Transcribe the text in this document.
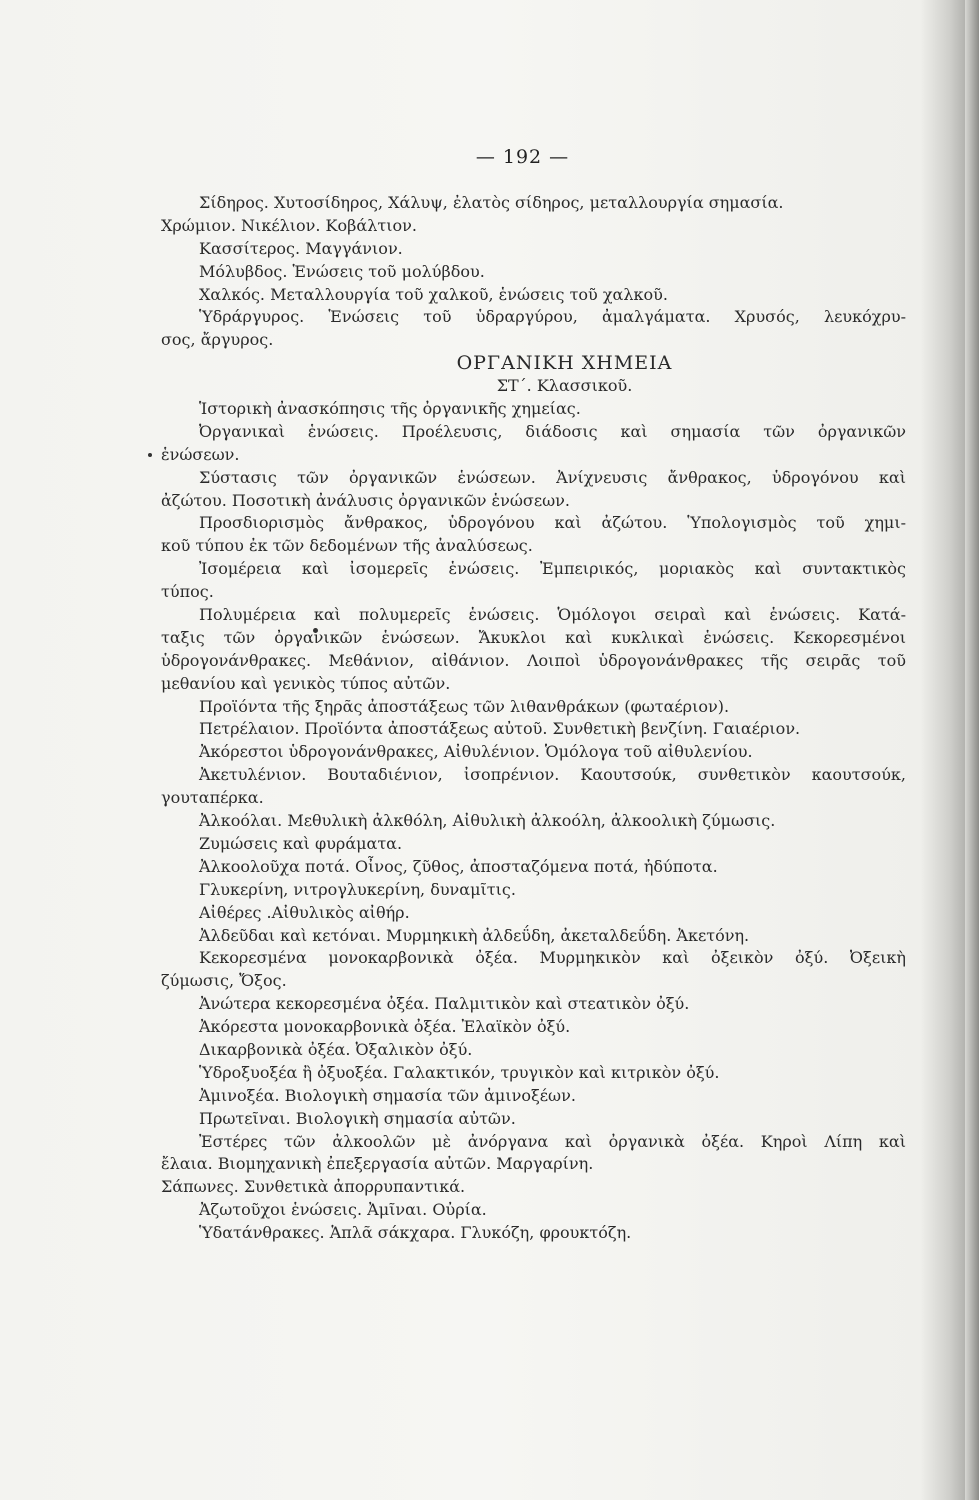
— 192 —
Σίδηρος. Χυτοσίδηρος, Χάλυψ, ἐλατὸς σίδηρος, μεταλλουργία σημασία.
Χρώμιον. Νικέλιον. Κοβάλτιον.
Κασσίτερος. Μαγγάνιον.
Μόλυβδος. Ἑνώσεις τοῦ μολύβδου.
Χαλκός. Μεταλλουργία τοῦ χαλκοῦ, ἑνώσεις τοῦ χαλκοῦ.
Ὑδράργυρος. Ἑνώσεις τοῦ ὑδραργύρου, ἀμαλγάματα. Χρυσός, λευκόχρυ-
σος, ἄργυρος.
ΟΡΓΑΝΙΚΗ ΧΗΜΕΙΑ
ΣΤ΄. Κλασσικοῦ.
Ἱστορικὴ ἀνασκόπησις τῆς ὀργανικῆς χημείας.
Ὀργανικαὶ ἑνώσεις. Προέλευσις, διάδοσις καὶ σημασία τῶν ὀργανικῶν
ἑνώσεων.
Σύστασις τῶν ὀργανικῶν ἑνώσεων. Ἀνίχνευσις ἄνθρακος, ὑδρογόνου καὶ
ἀζώτου. Ποσοτικὴ ἀνάλυσις ὀργανικῶν ἑνώσεων.
Προσδιορισμὸς ἄνθρακος, ὑδρογόνου καὶ ἀζώτου. Ὑπολογισμὸς τοῦ χημι-
κοῦ τύπου ἐκ τῶν δεδομένων τῆς ἀναλύσεως.
Ἰσομέρεια καὶ ἰσομερεῖς ἑνώσεις. Ἐμπειρικός, μοριακὸς καὶ συντακτικὸς
τύπος.
Πολυμέρεια καὶ πολυμερεῖς ἑνώσεις. Ὁμόλογοι σειραὶ καὶ ἑνώσεις. Κατά-
ταξις τῶν ὀργανικῶν ἑνώσεων. Ἄκυκλοι καὶ κυκλικαὶ ἑνώσεις. Κεκορεσμένοι
ὑδρογονάνθρακες. Μεθάνιον, αἰθάνιον. Λοιποὶ ὑδρογονάνθρακες τῆς σειρᾶς τοῦ
μεθανίου καὶ γενικὸς τύπος αὐτῶν.
Προϊόντα τῆς ξηρᾶς ἀποστάξεως τῶν λιθανθράκων (φωταέριον).
Πετρέλαιον. Προϊόντα ἀποστάξεως αὐτοῦ. Συνθετικὴ βενζίνη. Γαιαέριον.
Ἀκόρεστοι ὑδρογονάνθρακες, Αἰθυλένιον. Ὁμόλογα τοῦ αἰθυλενίου.
Ἀκετυλένιον. Βουταδιένιον, ἰσοπρένιον. Καουτσούκ, συνθετικὸν καουτσούκ,
γουταπέρκα.
Ἀλκοόλαι. Μεθυλικὴ ἀλκθόλη, Αἰθυλικὴ ἀλκοόλη, ἀλκοολικὴ ζύμωσις.
Ζυμώσεις καὶ φυράματα.
Ἀλκοολοῦχα ποτά. Οἶνος, ζῦθος, ἀποσταζόμενα ποτά, ἡδύποτα.
Γλυκερίνη, νιτρογλυκερίνη, δυναμῖτις.
Αἰθέρες .Αἰθυλικὸς αἰθήρ.
Ἀλδεῦδαι καὶ κετόναι. Μυρμηκικὴ ἀλδεΰδη, ἀκεταλδεΰδη. Ἀκετόνη.
Κεκορεσμένα μονοκαρβονικὰ ὀξέα. Μυρμηκικὸν καὶ ὀξεικὸν ὀξύ. Ὀξεικὴ
ζύμωσις, Ὄξος.
Ἀνώτερα κεκορεσμένα ὀξέα. Παλμιτικὸν καὶ στεατικὸν ὀξύ.
Ἀκόρεστα μονοκαρβονικὰ ὀξέα. Ἐλαϊκὸν ὀξύ.
Δικαρβονικὰ ὀξέα. Ὀξαλικὸν ὀξύ.
Ὑδροξυοξέα ἢ ὀξυοξέα. Γαλακτικόν, τρυγικὸν καὶ κιτρικὸν ὀξύ.
Ἀμινοξέα. Βιολογικὴ σημασία τῶν ἀμινοξέων.
Πρωτεῖναι. Βιολογικὴ σημασία αὐτῶν.
Ἐστέρες τῶν ἀλκοολῶν μὲ ἀνόργανα καὶ ὀργανικὰ ὀξέα. Κηροὶ Λίπη καὶ
ἔλαια. Βιομηχανικὴ ἐπεξεργασία αὐτῶν. Μαργαρίνη.
Σάπωνες. Συνθετικὰ ἀπορρυπαντικά.
Ἀζωτοῦχοι ἑνώσεις. Ἀμῖναι. Οὐρία.
Ὑδατάνθρακες. Ἁπλᾶ σάκχαρα. Γλυκόζη, φρουκτόζη.
